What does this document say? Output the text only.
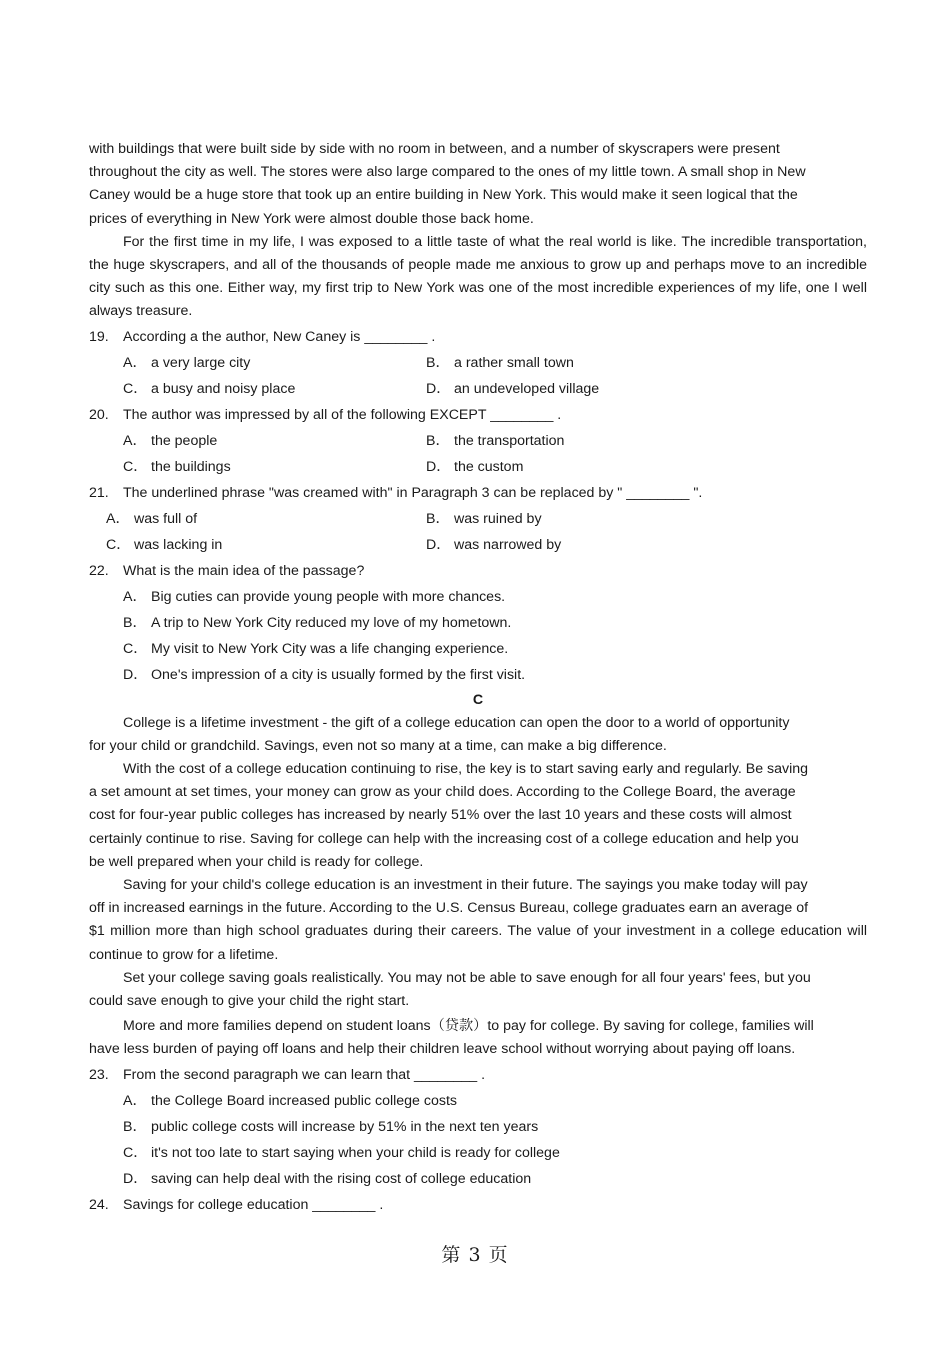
with buildings that were built side by side with no room in between, and a number of skyscrapers were present

throughout the city as well. The stores were also large compared to the ones of my little town. A small shop in New

Caney would be a huge store that took up an entire building in New York. This would make it seen logical that the

prices of everything in New York were almost double those back home.

For the first time in my life, I was exposed to a little taste of what the real world is like. The incredible transportation, the huge skyscrapers, and all of the thousands of people made me anxious to grow up and perhaps move to an incredible city such as this one. Either way, my first trip to New York was one of the most incredible experiences of my life, one I well always treasure.

19.	According a the author, New Caney is ________ .
A． a very large city	B． a rather small town
C． a busy and noisy place	D． an undeveloped village
20.	The author was impressed by all of the following EXCEPT ________ .
A． the people	B． the transportation
C． the buildings	D． the custom
21.	The underlined phrase "was creamed with" in Paragraph 3 can be replaced by " ________ ".
A． was full of	B． was ruined by
C． was lacking in	D． was narrowed by
22.	What is the main idea of the passage?
A． Big cuties can provide young people with more chances.
B． A trip to New York City reduced my love of my hometown.
C． My visit to New York City was a life changing experience.
D． One's impression of a city is usually formed by the first visit.
C

College is a lifetime investment - the gift of a college education can open the door to a world of opportunity

for your child or grandchild. Savings, even not so many at a time, can make a big difference.

With the cost of a college education continuing to rise, the key is to start saving early and regularly. Be saving

a set amount at set times, your money can grow as your child does. According to the College Board, the average

cost for four-year public colleges has increased by nearly 51% over the last 10 years and these costs will almost

certainly continue to rise. Saving for college can help with the increasing cost of a college education and help you

be well prepared when your child is ready for college.

Saving for your child's college education is an investment in their future. The sayings you make today will pay

off in increased earnings in the future. According to the U.S. Census Bureau, college graduates earn an average of

$1 million more than high school graduates during their careers. The value of your investment in a college education will continue to grow for a lifetime.

Set your college saving goals realistically. You may not be able to save enough for all four years' fees, but you

could save enough to give your child the right start.

More and more families depend on student loans（贷款）to pay for college. By saving for college, families will

have less burden of paying off loans and help their children leave school without worrying about paying off loans.

23.	From the second paragraph we can learn that ________ .
A． the College Board increased public college costs
B． public college costs will increase by 51% in the next ten years
C． it's not too late to start saying when your child is ready for college
D． saving can help deal with the rising cost of college education
24.	Savings for college education ________ .
第 3 页
